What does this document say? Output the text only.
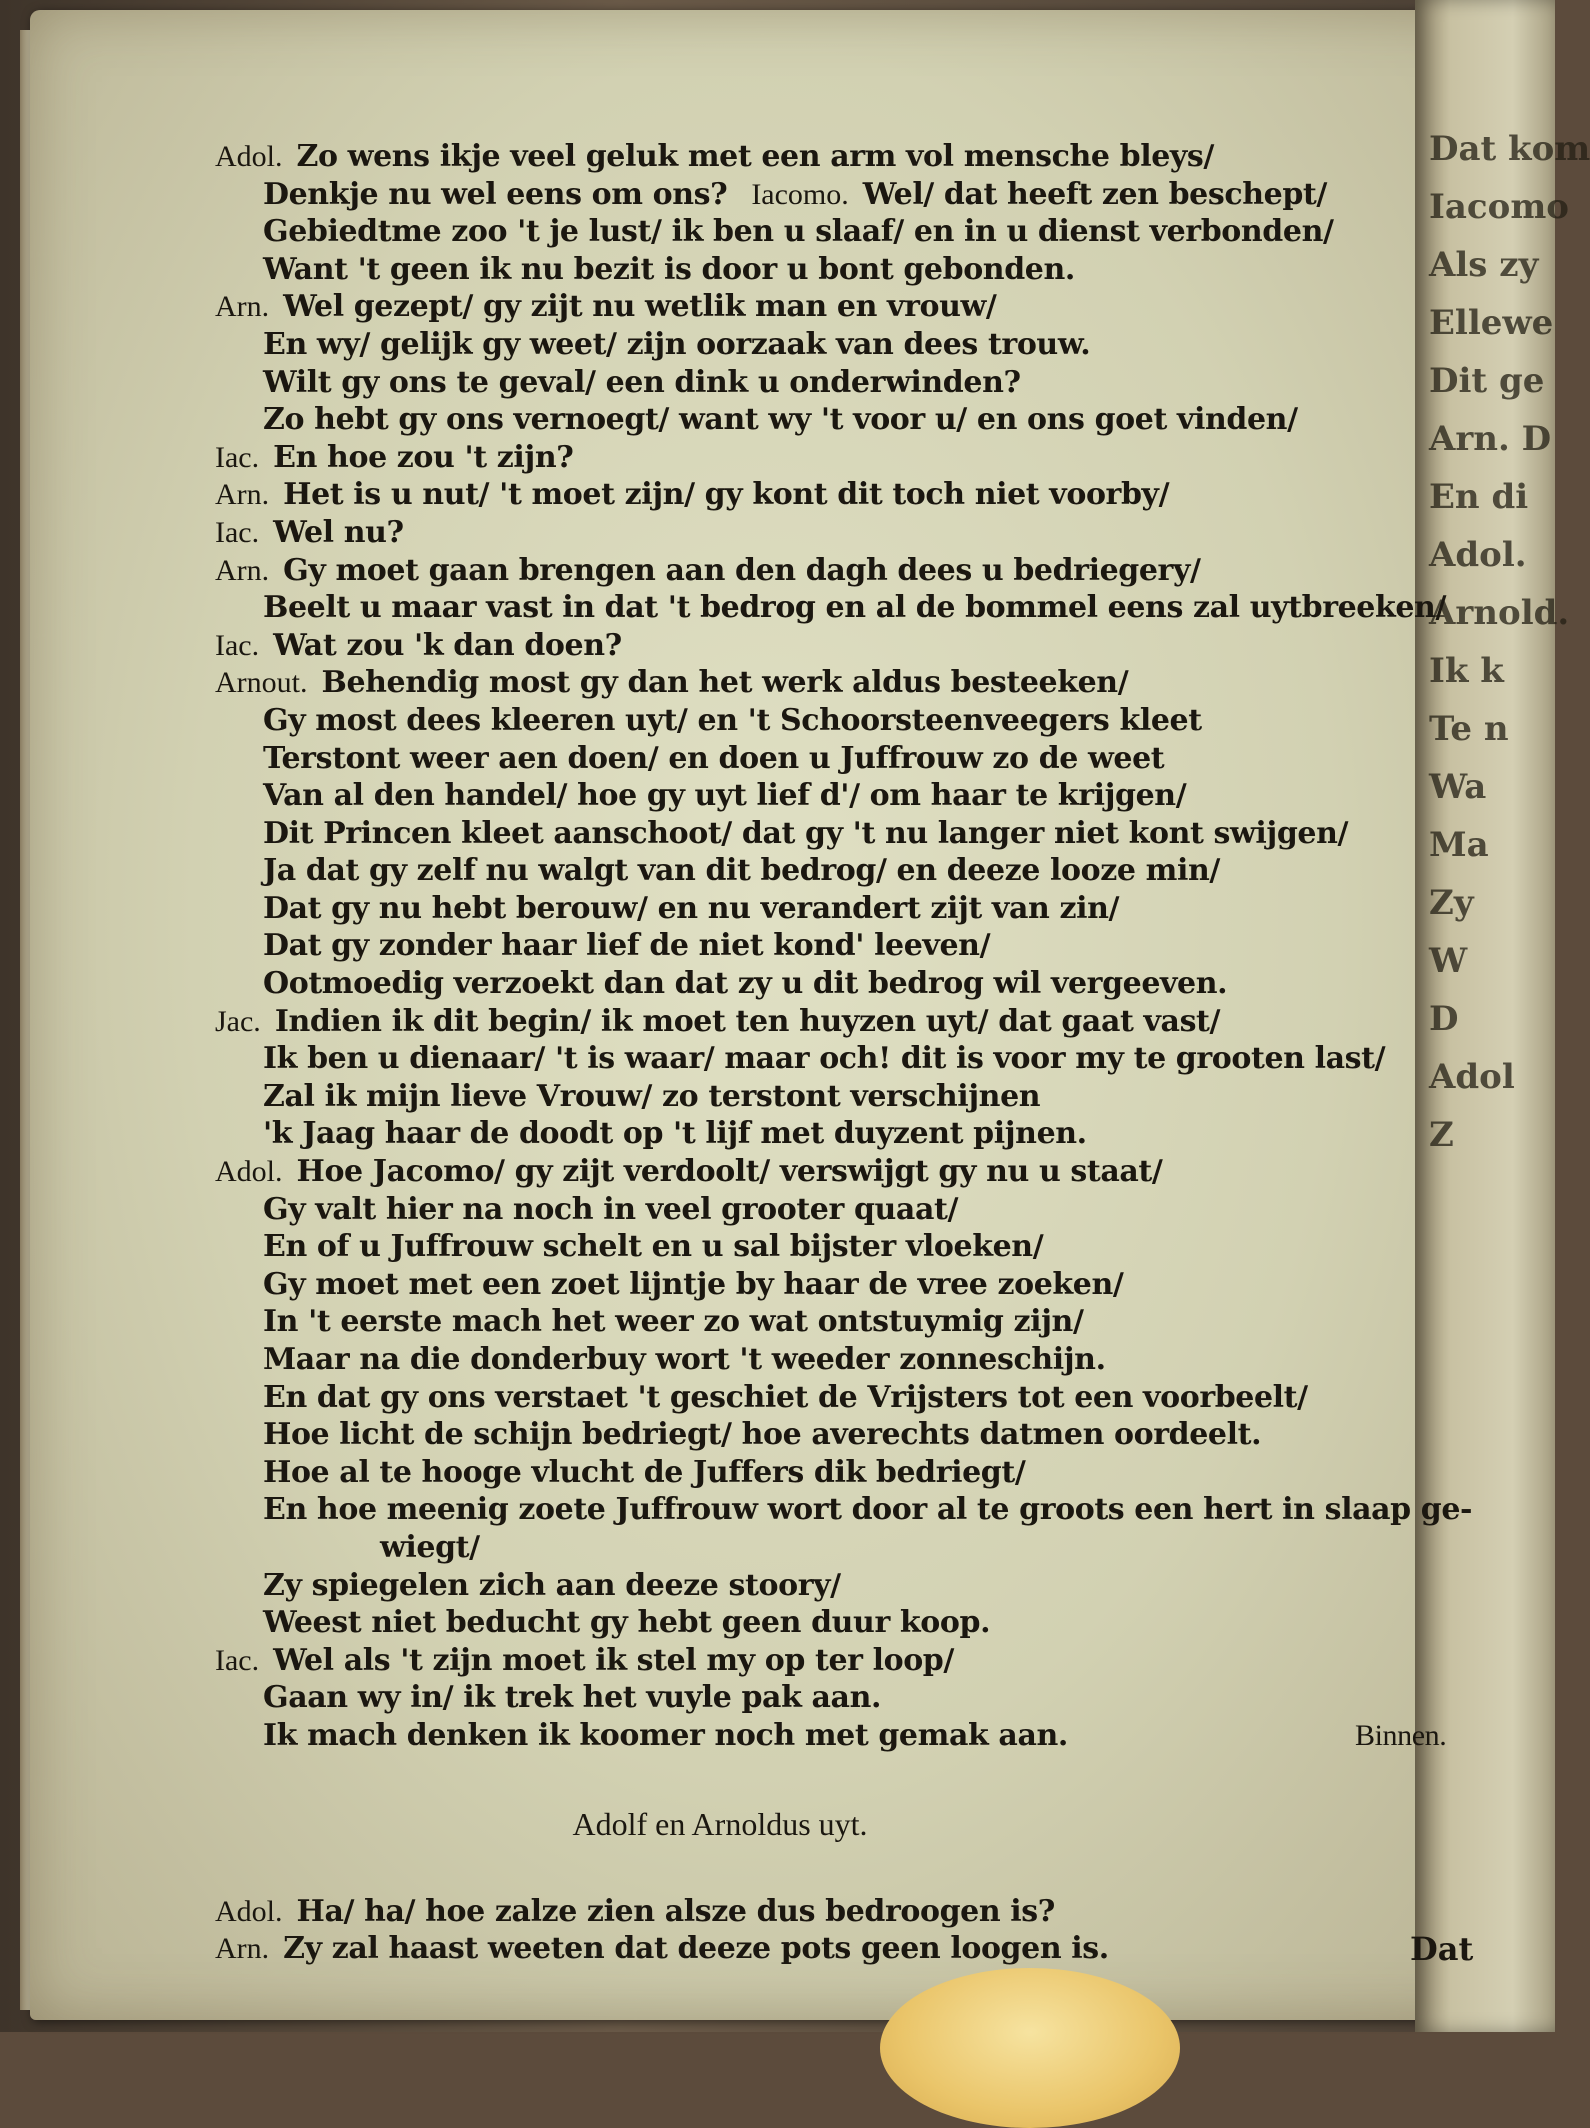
Dat kom
Iacomo
Als zy
Ellewe
Dit ge
Arn. D
En di
Adol.
Arnold.
Ik k
Te n
Wa
Ma
Zy
W
D
Adol
Z
Adol. Zo wens ikje veel geluk met een arm vol mensche bleys/
Denkje nu wel eens om ons? Iacomo. Wel/ dat heeft zen beschept/
Gebiedtme zoo 't je lust/ ik ben u slaaf/ en in u dienst verbonden/
Want 't geen ik nu bezit is door u bont gebonden.
Arn. Wel gezept/ gy zijt nu wetlik man en vrouw/
En wy/ gelijk gy weet/ zijn oorzaak van dees trouw.
Wilt gy ons te geval/ een dink u onderwinden?
Zo hebt gy ons vernoegt/ want wy 't voor u/ en ons goet vinden/
Iac. En hoe zou 't zijn?
Arn. Het is u nut/ 't moet zijn/ gy kont dit toch niet voorby/
Iac. Wel nu?
Arn. Gy moet gaan brengen aan den dagh dees u bedriegery/
Beelt u maar vast in dat 't bedrog en al de bommel eens zal uytbreeken/
Iac. Wat zou 'k dan doen?
Arnout. Behendig most gy dan het werk aldus besteeken/
Gy most dees kleeren uyt/ en 't Schoorsteenveegers kleet
Terstont weer aen doen/ en doen u Juffrouw zo de weet
Van al den handel/ hoe gy uyt lief d'/ om haar te krijgen/
Dit Princen kleet aanschoot/ dat gy 't nu langer niet kont swijgen/
Ja dat gy zelf nu walgt van dit bedrog/ en deeze looze min/
Dat gy nu hebt berouw/ en nu verandert zijt van zin/
Dat gy zonder haar lief de niet kond' leeven/
Ootmoedig verzoekt dan dat zy u dit bedrog wil vergeeven.
Jac. Indien ik dit begin/ ik moet ten huyzen uyt/ dat gaat vast/
Ik ben u dienaar/ 't is waar/ maar och! dit is voor my te grooten last/
Zal ik mijn lieve Vrouw/ zo terstont verschijnen
'k Jaag haar de doodt op 't lijf met duyzent pijnen.
Adol. Hoe Jacomo/ gy zijt verdoolt/ verswijgt gy nu u staat/
Gy valt hier na noch in veel grooter quaat/
En of u Juffrouw schelt en u sal bijster vloeken/
Gy moet met een zoet lijntje by haar de vree zoeken/
In 't eerste mach het weer zo wat ontstuymig zijn/
Maar na die donderbuy wort 't weeder zonneschijn.
En dat gy ons verstaet 't geschiet de Vrijsters tot een voorbeelt/
Hoe licht de schijn bedriegt/ hoe averechts datmen oordeelt.
Hoe al te hooge vlucht de Juffers dik bedriegt/
En hoe meenig zoete Juffrouw wort door al te groots een hert in slaap ge-
wiegt/
Zy spiegelen zich aan deeze stoory/
Weest niet beducht gy hebt geen duur koop.
Iac. Wel als 't zijn moet ik stel my op ter loop/
Gaan wy in/ ik trek het vuyle pak aan.
Ik mach denken ik koomer noch met gemak aan.	Binnen.
Adolf en Arnoldus uyt.
Adol. Ha/ ha/ hoe zalze zien alsze dus bedroogen is?
Arn. Zy zal haast weeten dat deeze pots geen loogen is.	Dat
